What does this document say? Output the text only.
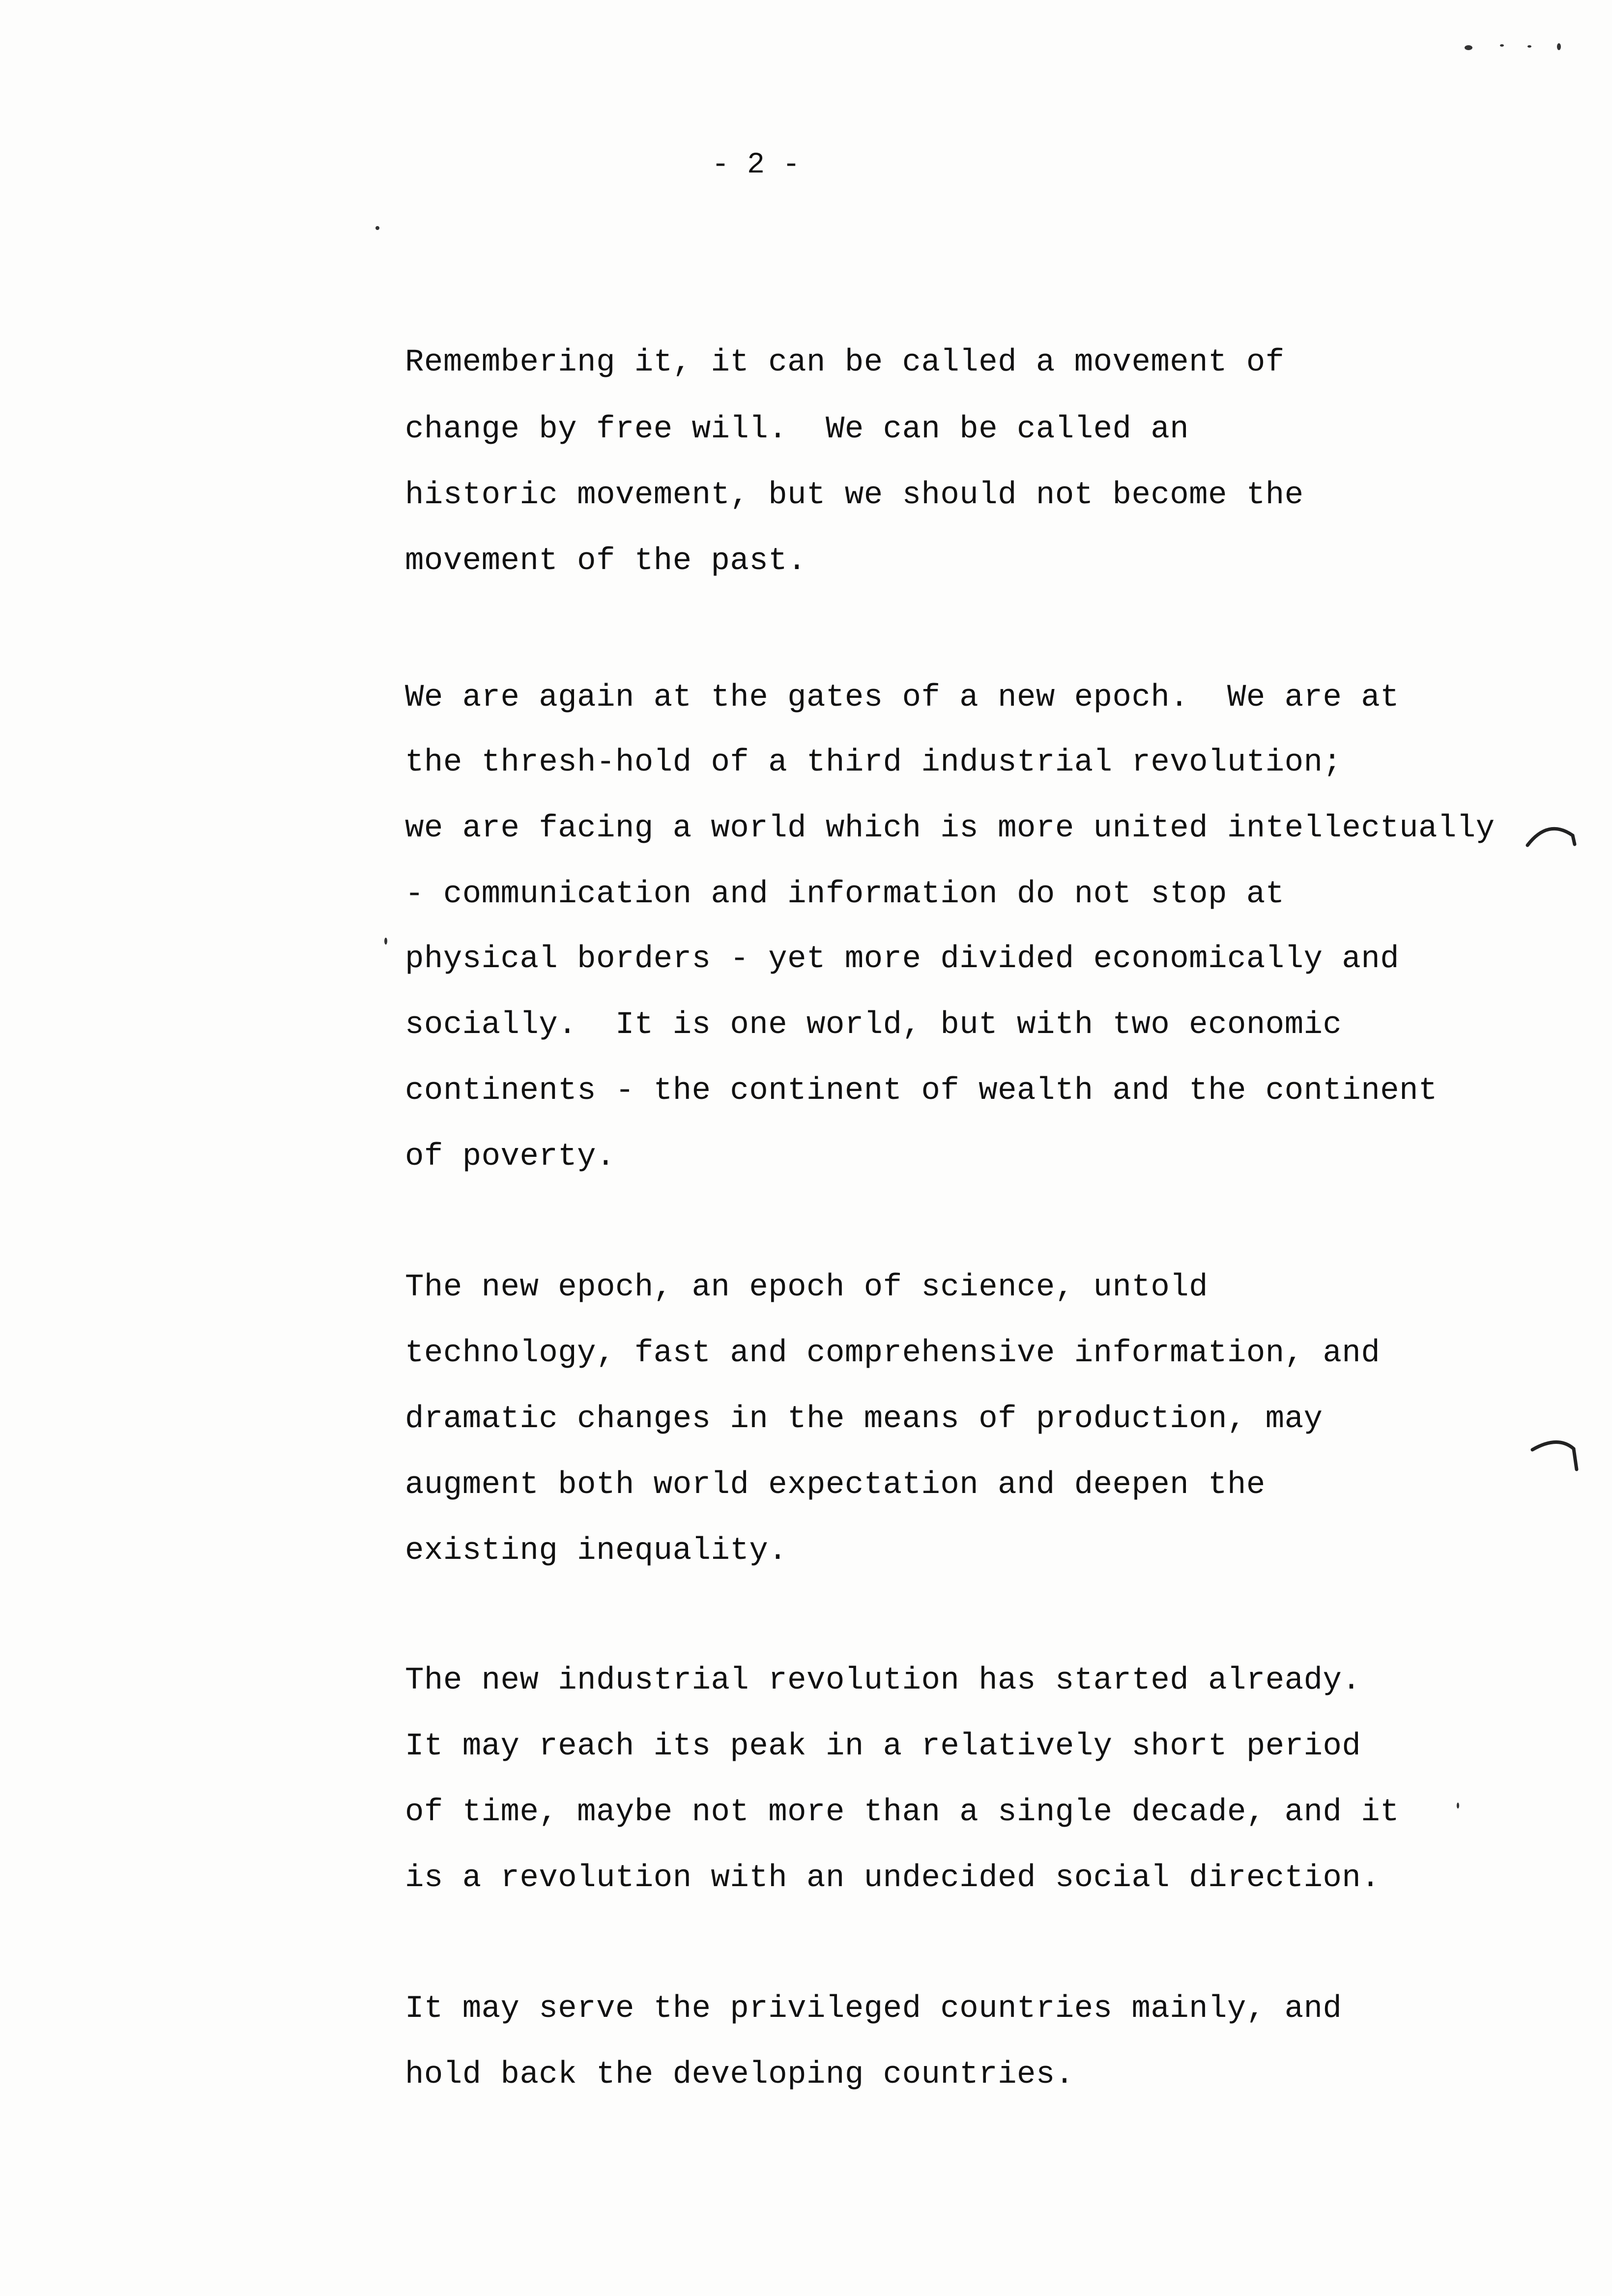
- 2 -
Remembering it, it can be called a movement of
change by free will.  We can be called an
historic movement, but we should not become the
movement of the past.
We are again at the gates of a new epoch.  We are at
the thresh-hold of a third industrial revolution;
we are facing a world which is more united intellectually
- communication and information do not stop at
physical borders - yet more divided economically and
socially.  It is one world, but with two economic
continents - the continent of wealth and the continent
of poverty.
The new epoch, an epoch of science, untold
technology, fast and comprehensive information, and
dramatic changes in the means of production, may
augment both world expectation and deepen the
existing inequality.
The new industrial revolution has started already.
It may reach its peak in a relatively short period
of time, maybe not more than a single decade, and it
is a revolution with an undecided social direction.
It may serve the privileged countries mainly, and
hold back the developing countries.
